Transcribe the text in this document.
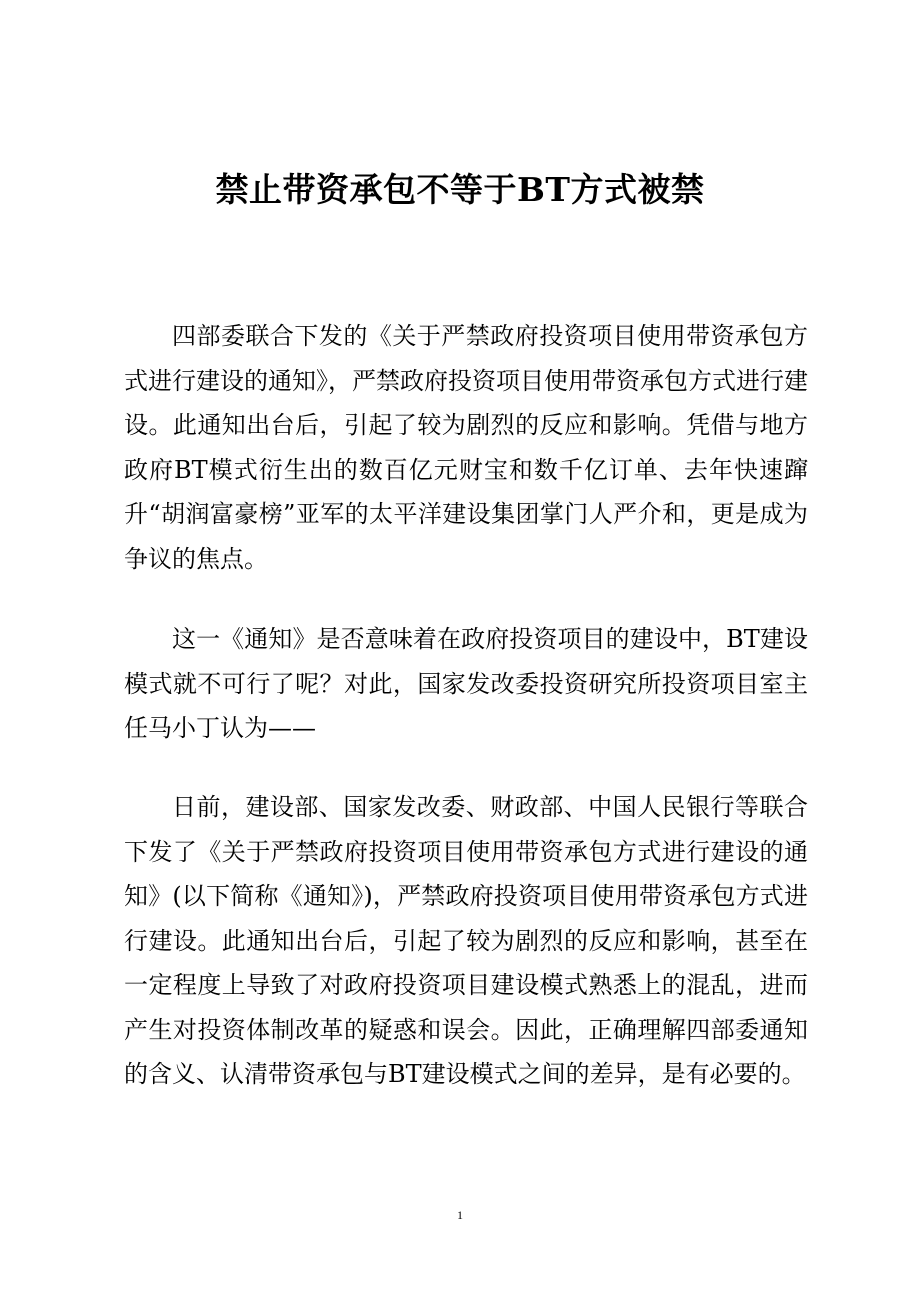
禁止带资承包不等于BT方式被禁

四部委联合下发的《关于严禁政府投资项目使用带资承包方式进行建设的通知》，严禁政府投资项目使用带资承包方式进行建设。此通知出台后，引起了较为剧烈的反应和影响。凭借与地方政府BT模式衍生出的数百亿元财宝和数千亿订单、去年快速蹿升“胡润富豪榜”亚军的太平洋建设集团掌门人严介和，更是成为争议的焦点。

这一《通知》是否意味着在政府投资项目的建设中，BT建设模式就不可行了呢？对此，国家发改委投资研究所投资项目室主任马小丁认为——

日前，建设部、国家发改委、财政部、中国人民银行等联合下发了《关于严禁政府投资项目使用带资承包方式进行建设的通知》(以下简称《通知》)，严禁政府投资项目使用带资承包方式进行建设。此通知出台后，引起了较为剧烈的反应和影响，甚至在一定程度上导致了对政府投资项目建设模式熟悉上的混乱，进而产生对投资体制改革的疑惑和误会。因此，正确理解四部委通知的含义、认清带资承包与BT建设模式之间的差异，是有必要的。

1
